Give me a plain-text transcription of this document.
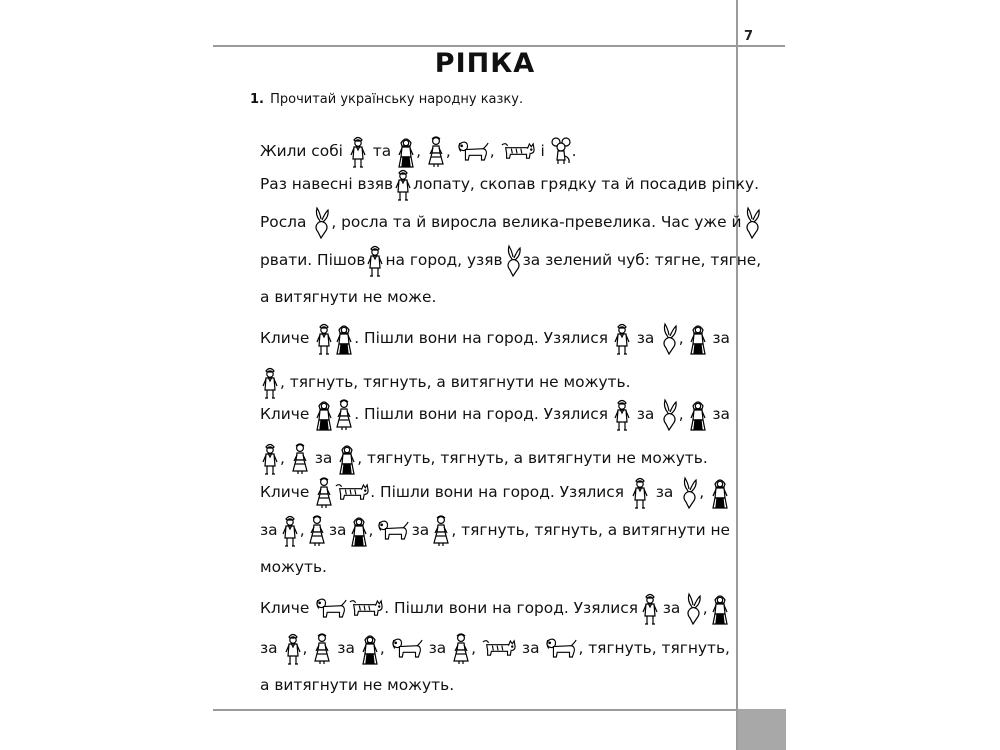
7
РІПКА
1. Прочитай українську народну казку.
Жили собі

та
,
,
	,

	і
.
Раз навесні взяв лопату, скопав грядку та й посадив ріпку.
Росла
, росла та й виросла велика-превелика. Час уже й
рвати. Пішов на город, узяв за зелений чуб: тягне, тягне,
а витягнути не може.
Кличе
	. Пішли вони на город. Узялися за , за
, тягнуть, тягнуть, а витягнути не можуть.
Кличе
	. Пішли вони на город. Узялися за , за
,

за
, тягнуть, тягнуть, а витягнути не можуть.
Кличе
	. Пішли вони на город. Узялися за ,
за , за , за , тягнуть, тягнуть, а витягнути не
можуть.
Кличе
	. Пішли вони на город. Узялися за ,
за , за ,	за ,	за	, тягнуть, тягнуть,
а витягнути не можуть.
